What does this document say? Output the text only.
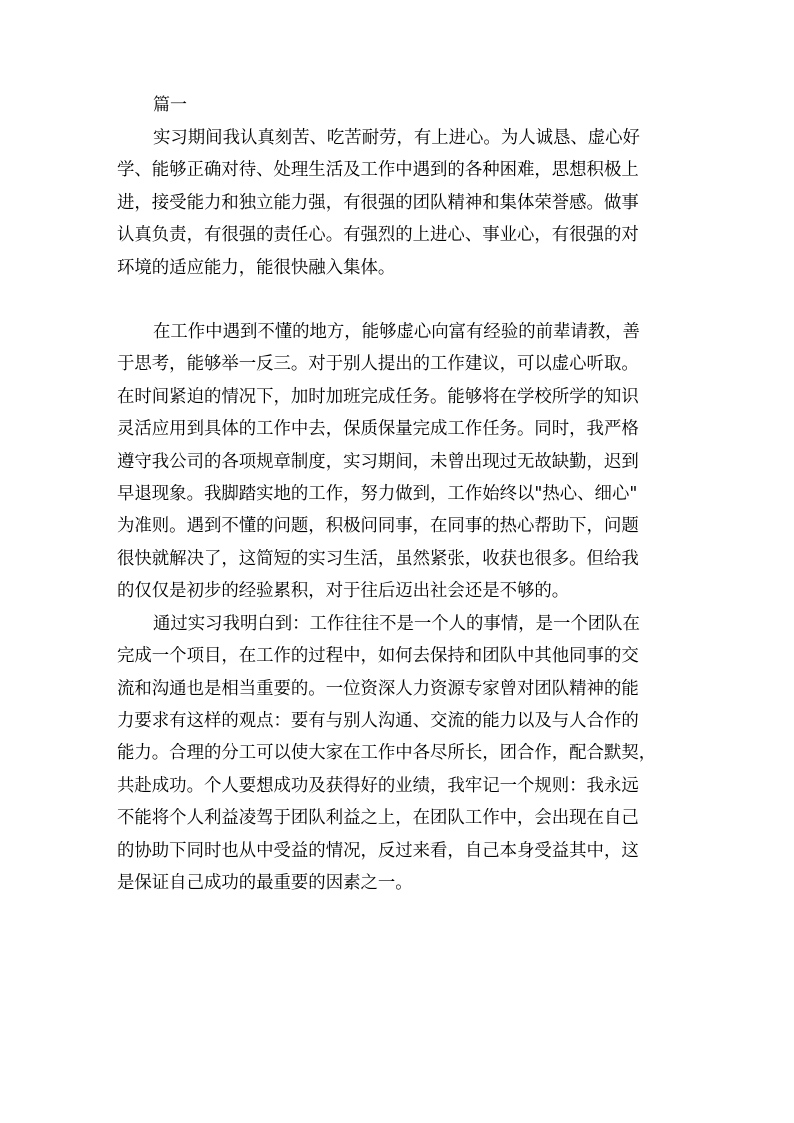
篇一
实习期间我认真刻苦、吃苦耐劳，有上进心。为人诚恳、虚心好
学、能够正确对待、处理生活及工作中遇到的各种困难，思想积极上
进，接受能力和独立能力强，有很强的团队精神和集体荣誉感。做事
认真负责，有很强的责任心。有强烈的上进心、事业心，有很强的对
环境的适应能力，能很快融入集体。
在工作中遇到不懂的地方，能够虚心向富有经验的前辈请教，善
于思考，能够举一反三。对于别人提出的工作建议，可以虚心听取。
在时间紧迫的情况下，加时加班完成任务。能够将在学校所学的知识
灵活应用到具体的工作中去，保质保量完成工作任务。同时，我严格
遵守我公司的各项规章制度，实习期间，未曾出现过无故缺勤，迟到
早退现象。我脚踏实地的工作，努力做到，工作始终以"热心、细心"
为准则。遇到不懂的问题，积极问同事，在同事的热心帮助下，问题
很快就解决了，这简短的实习生活，虽然紧张，收获也很多。但给我
的仅仅是初步的经验累积，对于往后迈出社会还是不够的。
通过实习我明白到：工作往往不是一个人的事情，是一个团队在
完成一个项目，在工作的过程中，如何去保持和团队中其他同事的交
流和沟通也是相当重要的。一位资深人力资源专家曾对团队精神的能
力要求有这样的观点：要有与别人沟通、交流的能力以及与人合作的
能力。合理的分工可以使大家在工作中各尽所长，团合作，配合默契，
共赴成功。个人要想成功及获得好的业绩，我牢记一个规则：我永远
不能将个人利益凌驾于团队利益之上，在团队工作中，会出现在自己
的协助下同时也从中受益的情况，反过来看，自己本身受益其中，这
是保证自己成功的最重要的因素之一。
